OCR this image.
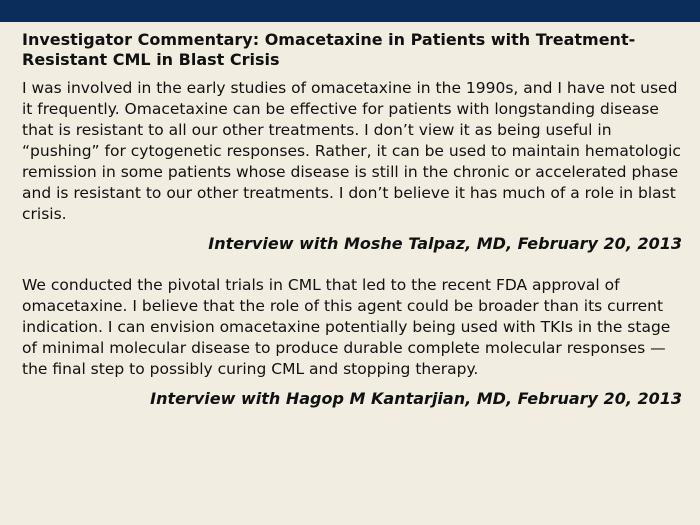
Investigator Commentary: Omacetaxine in Patients with Treatment-Resistant CML in Blast Crisis

I was involved in the early studies of omacetaxine in the 1990s, and I have not used it frequently. Omacetaxine can be effective for patients with longstanding disease that is resistant to all our other treatments. I don’t view it as being useful in “pushing” for cytogenetic responses. Rather, it can be used to maintain hematologic remission in some patients whose disease is still in the chronic or accelerated phase and is resistant to our other treatments. I don’t believe it has much of a role in blast crisis.

Interview with Moshe Talpaz, MD, February 20, 2013

We conducted the pivotal trials in CML that led to the recent FDA approval of omacetaxine. I believe that the role of this agent could be broader than its current indication. I can envision omacetaxine potentially being used with TKIs in the stage of minimal molecular disease to produce durable complete molecular responses — the final step to possibly curing CML and stopping therapy.

Interview with Hagop M Kantarjian, MD, February 20, 2013
